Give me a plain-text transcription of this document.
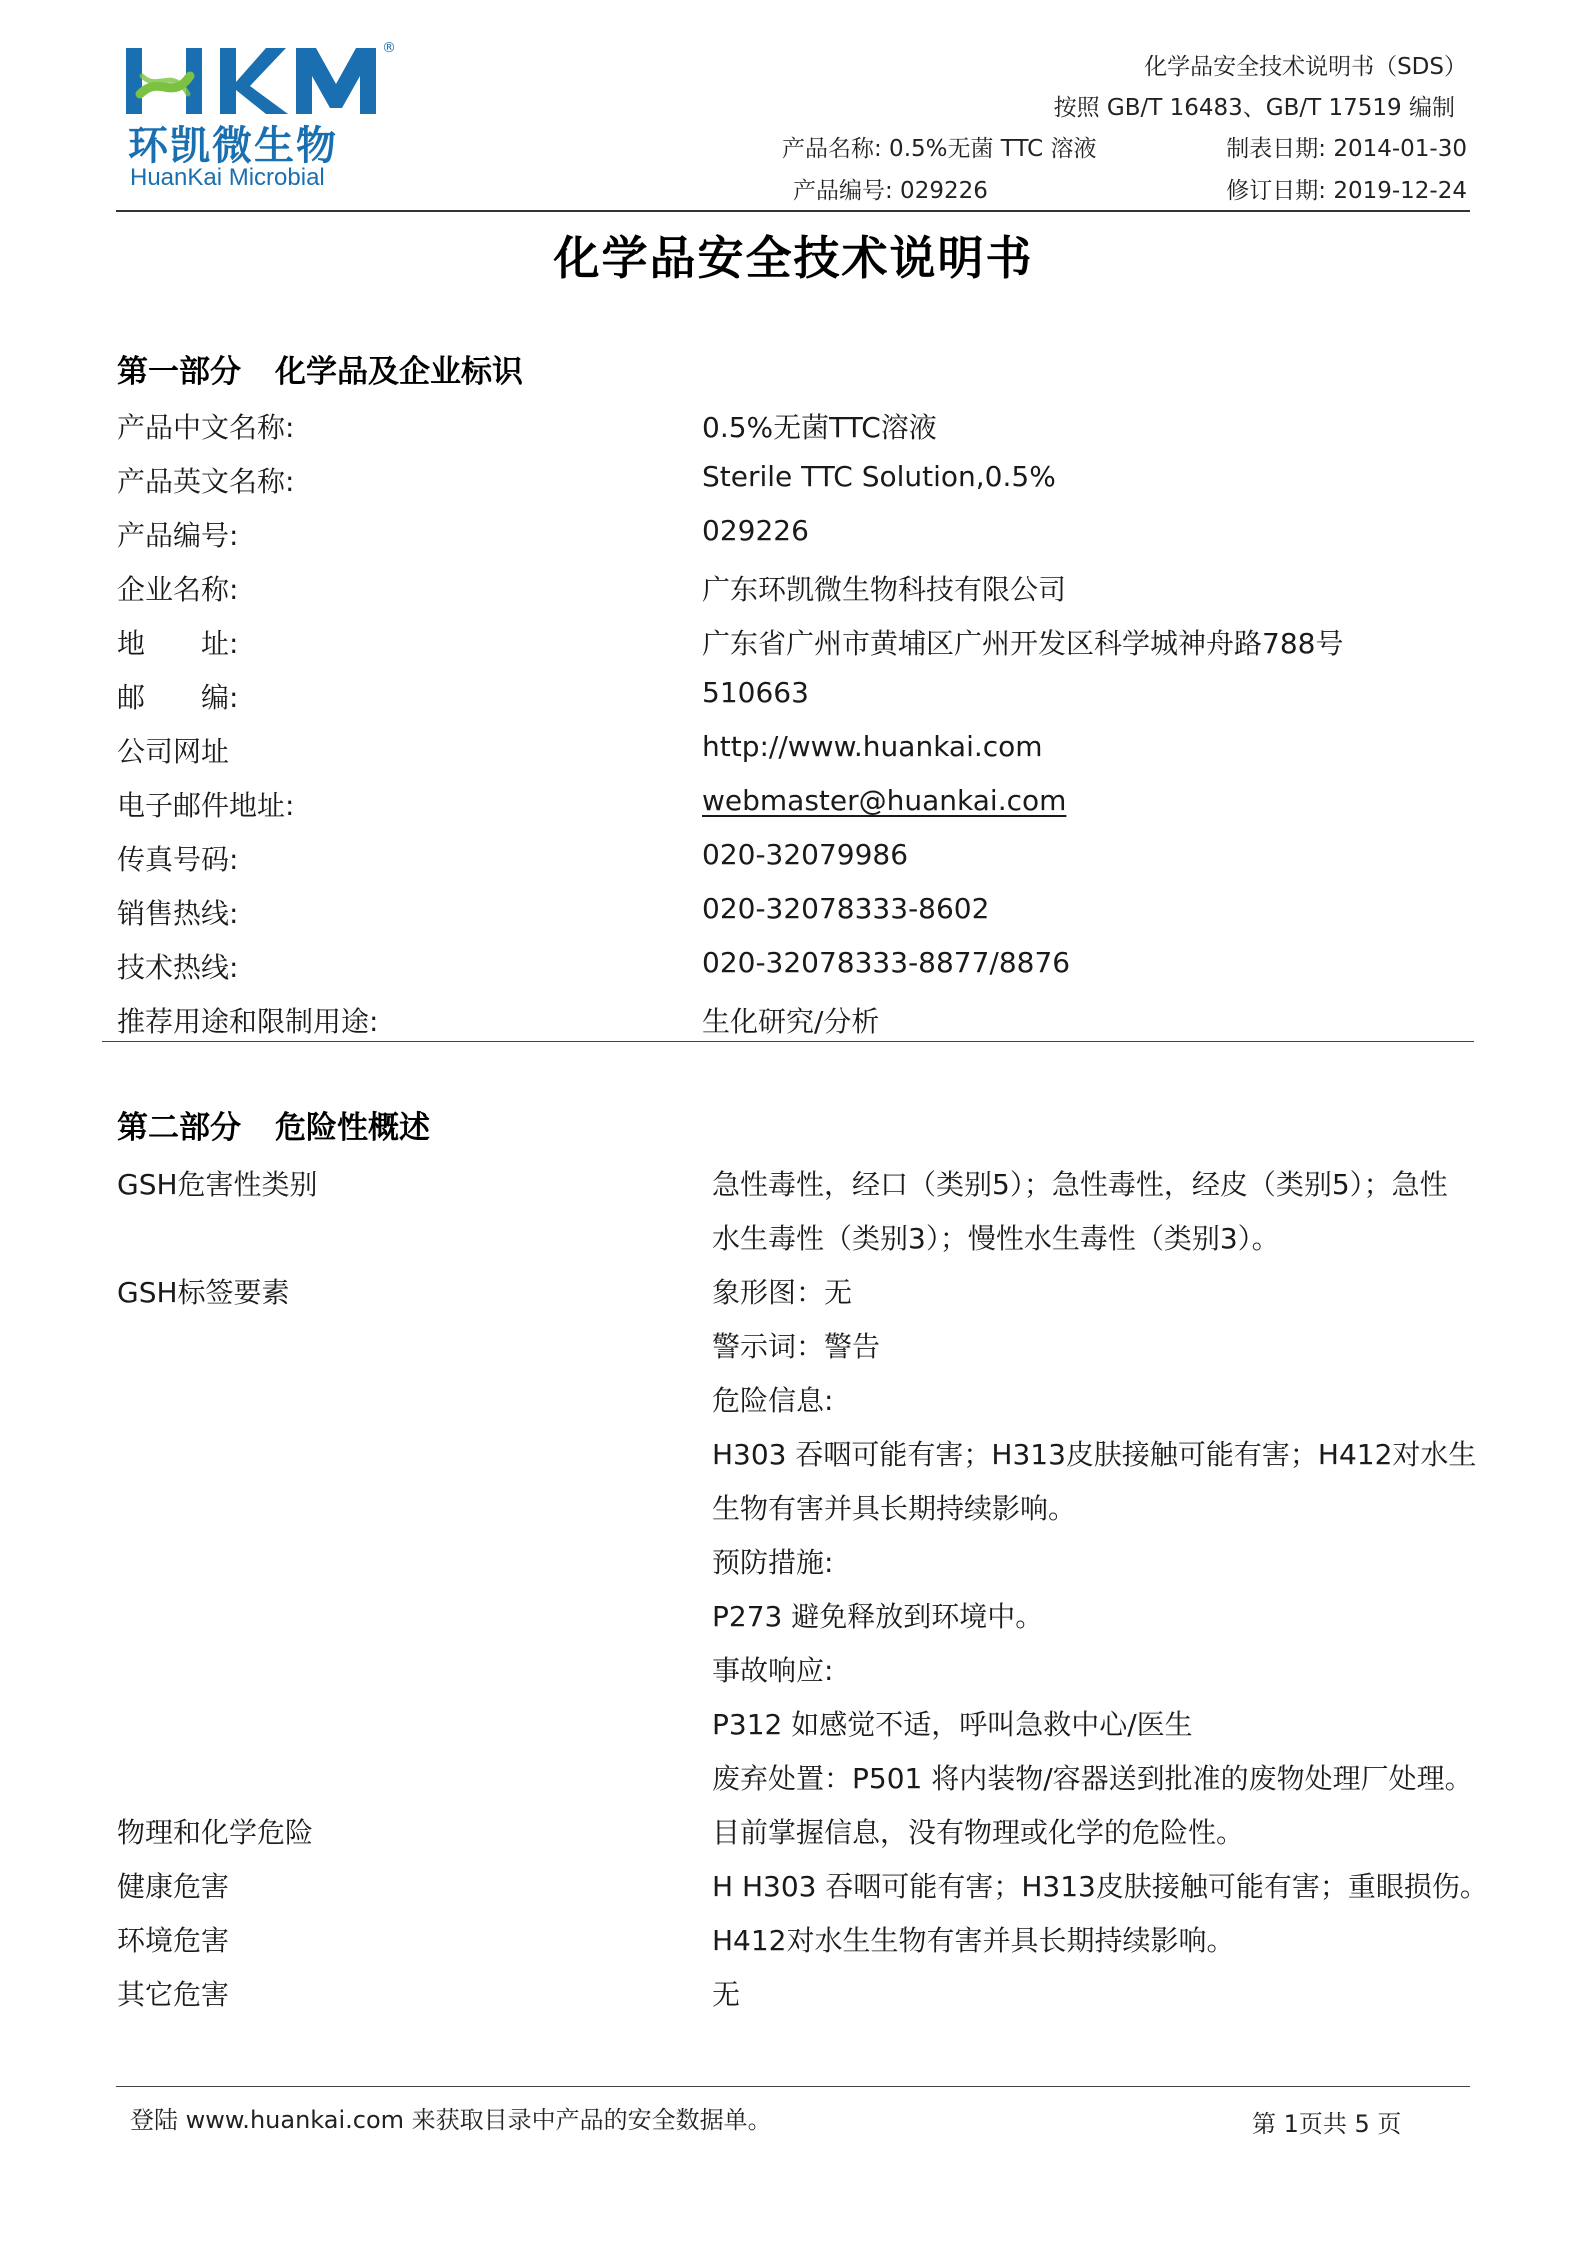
®
环凯微生物
HuanKai Microbial
化学品安全技术说明书（SDS）
按照 GB/T 16483、GB/T 17519 编制
产品名称: 0.5%无菌 TTC 溶液	制表日期: 2014-01-30
产品编号: 029226	修订日期: 2019-12-24
化学品安全技术说明书
第一部分 化学品及企业标识
产品中文名称:	0.5%无菌TTC溶液
产品英文名称:	Sterile TTC Solution,0.5%
产品编号:	029226
企业名称:	广东环凯微生物科技有限公司
地　　址:	广东省广州市黄埔区广州开发区科学城神舟路788号
邮　　编:	510663
公司网址	http://www.huankai.com
电子邮件地址:	webmaster@huankai.com
传真号码:	020-32079986
销售热线:	020-32078333-8602
技术热线:	020-32078333-8877/8876
推荐用途和限制用途:	生化研究/分析
第二部分 危险性概述
GSH危害性类别	急性毒性，经口（类别5）；急性毒性，经皮（类别5）；急性
水生毒性（类别3）；慢性水生毒性（类别3）。
GSH标签要素	象形图：无
警示词：警告
危险信息:
H303 吞咽可能有害；H313皮肤接触可能有害；H412对水生
生物有害并具长期持续影响。
预防措施:
P273 避免释放到环境中。
事故响应:
P312 如感觉不适，呼叫急救中心/医生
废弃处置：P501 将内装物/容器送到批准的废物处理厂处理。
物理和化学危险	目前掌握信息，没有物理或化学的危险性。
健康危害	H H303 吞咽可能有害；H313皮肤接触可能有害；重眼损伤。
环境危害	H412对水生生物有害并具长期持续影响。
其它危害	无
登陆 www.huankai.com 来获取目录中产品的安全数据单。	第 1页共 5 页
